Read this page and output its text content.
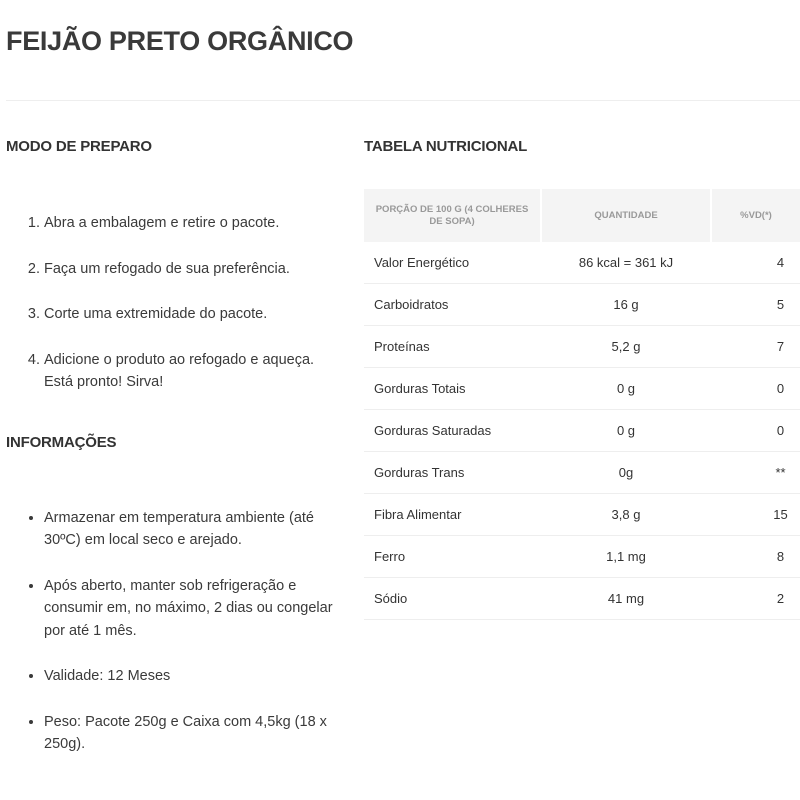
FEIJÃO PRETO ORGÂNICO
MODO DE PREPARO
1. Abra a embalagem e retire o pacote.
2. Faça um refogado de sua preferência.
3. Corte uma extremidade do pacote.
4. Adicione o produto ao refogado e aqueça. Está pronto! Sirva!
INFORMAÇÕES
• Armazenar em temperatura ambiente (até 30ºC) em local seco e arejado.
• Após aberto, manter sob refrigeração e consumir em, no máximo, 2 dias ou congelar por até 1 mês.
• Validade: 12 Meses
• Peso: Pacote 250g e Caixa com 4,5kg (18 x 250g).
TABELA NUTRICIONAL
PORÇÃO DE 100 G (4 COLHERES DE SOPA)	QUANTIDADE	%VD(*)
Valor Energético	86 kcal = 361 kJ	4
Carboidratos	16 g	5
Proteínas	5,2 g	7
Gorduras Totais	0 g	0
Gorduras Saturadas	0 g	0
Gorduras Trans	0g	**
Fibra Alimentar	3,8 g	15
Ferro	1,1 mg	8
Sódio	41 mg	2
